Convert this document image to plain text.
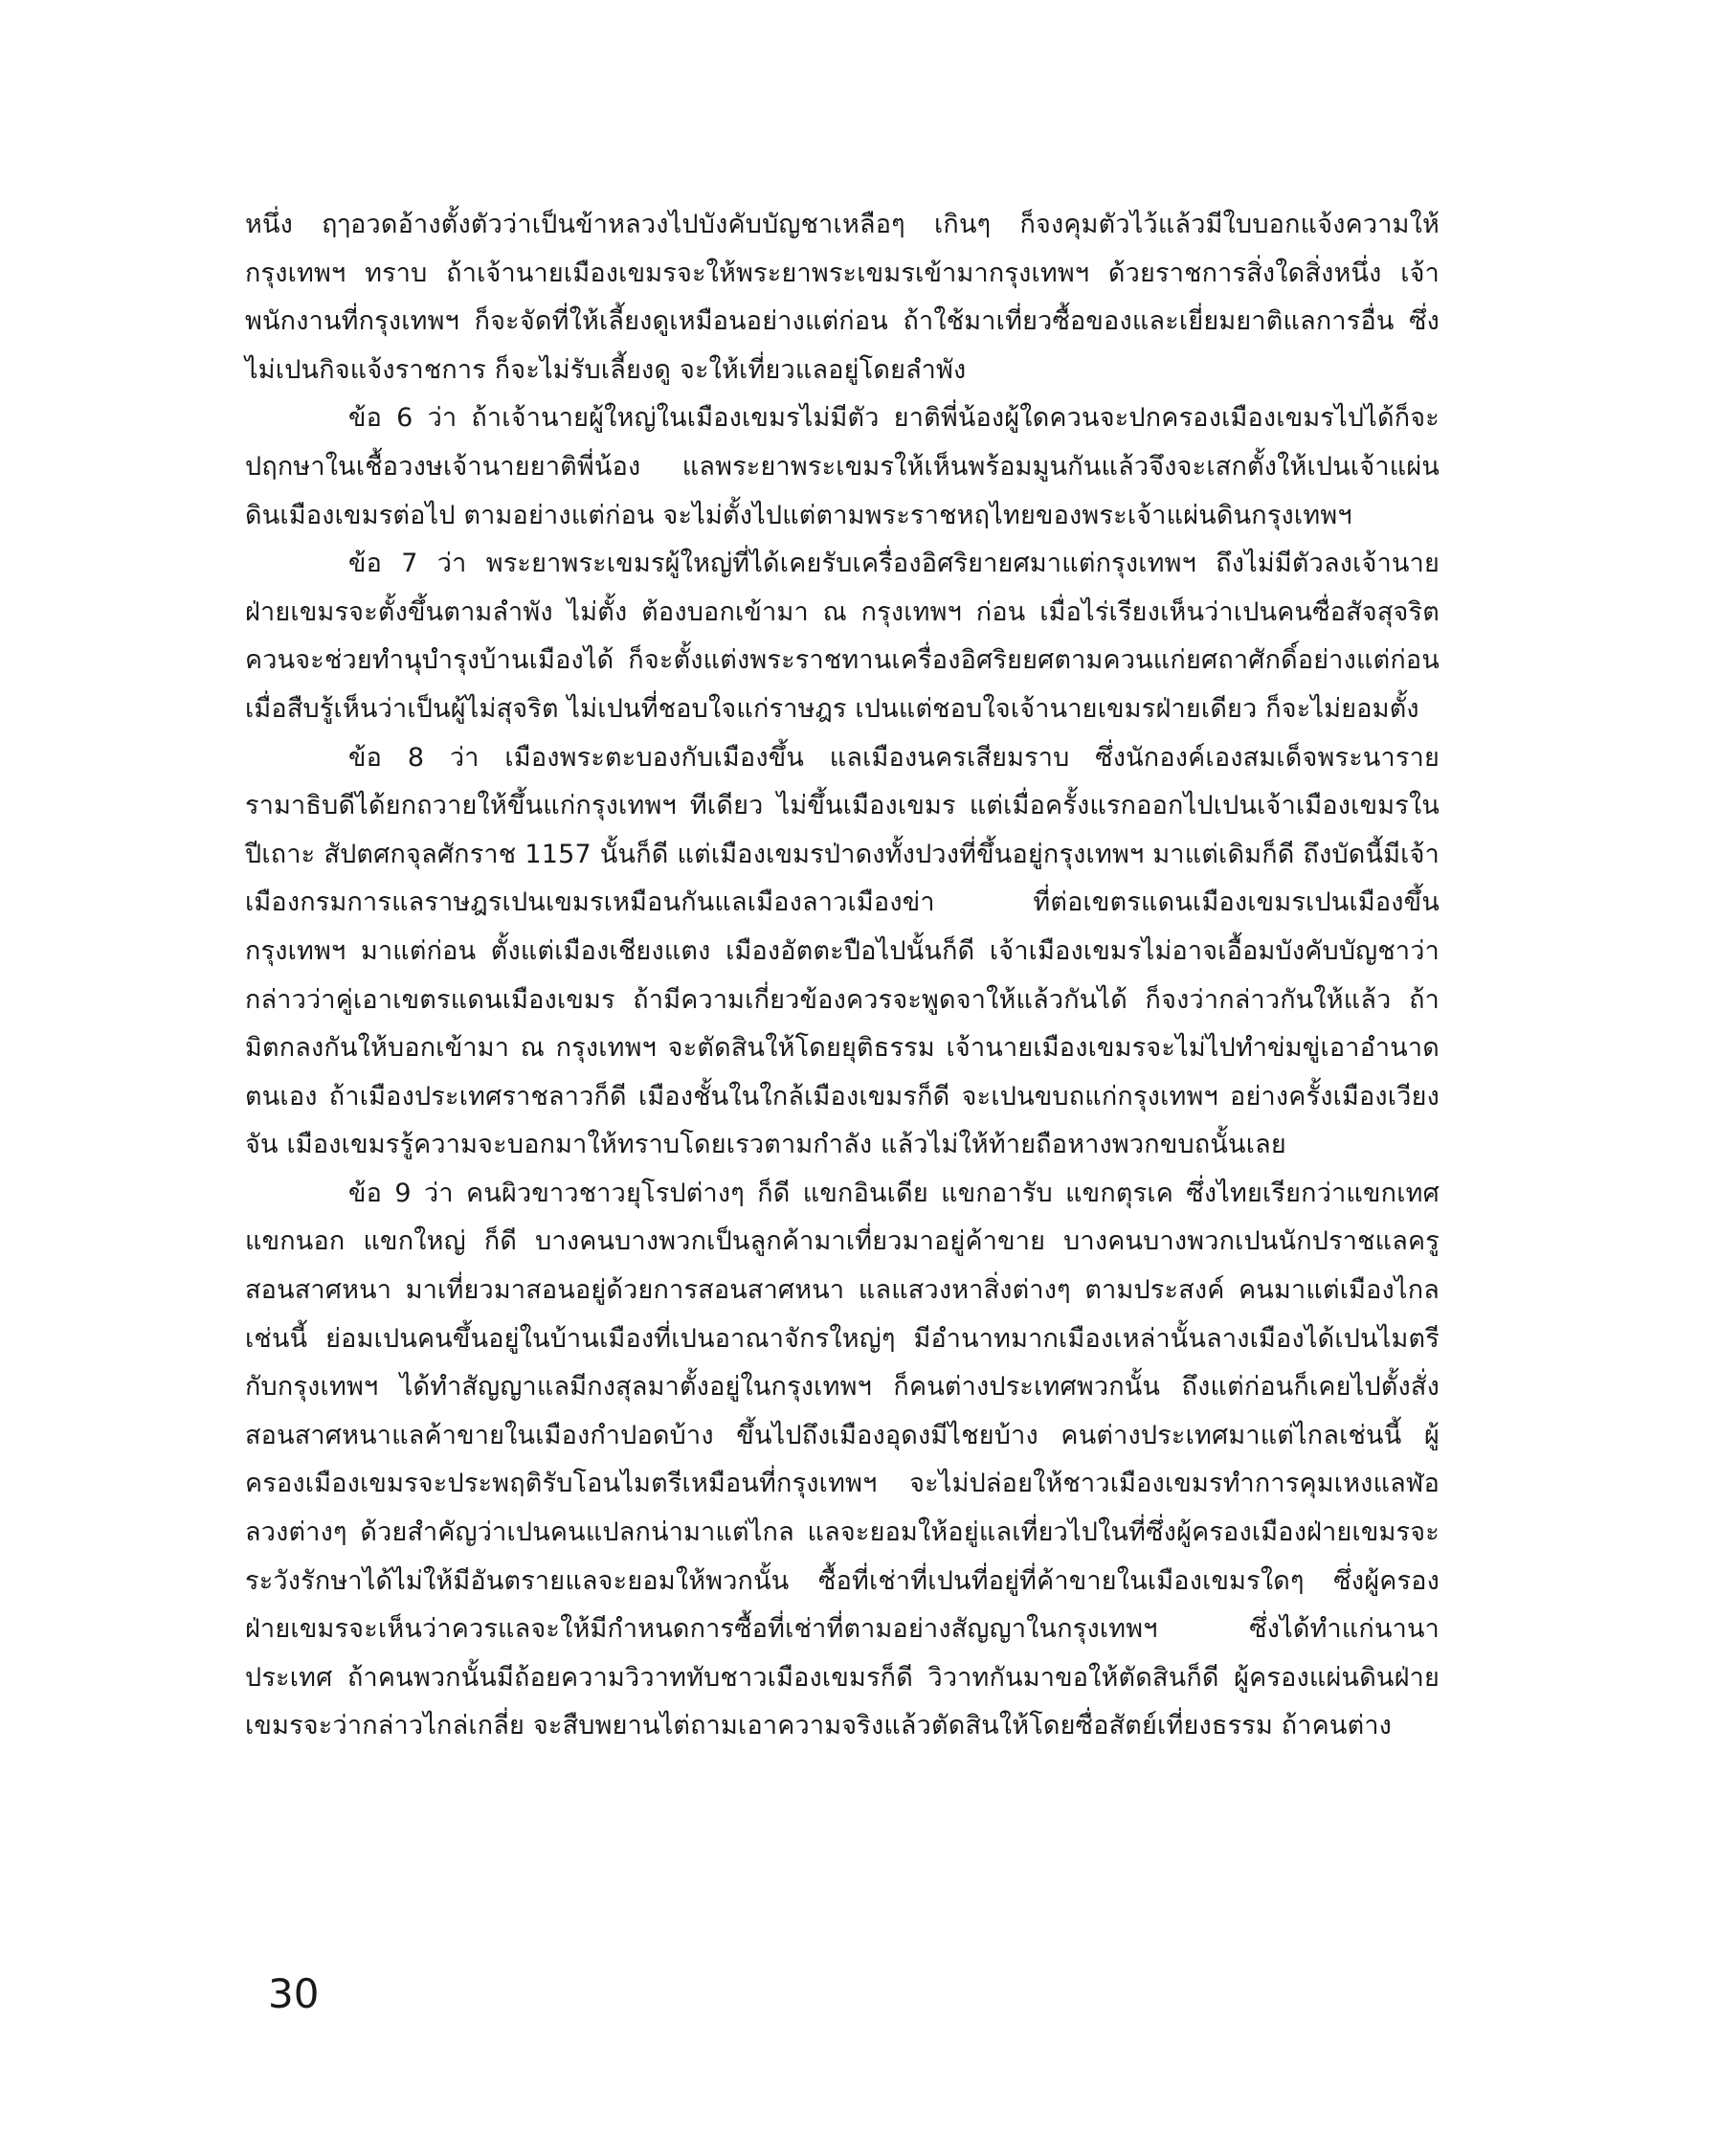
หนึ่ง ฤๅอวดอ้างตั้งตัวว่าเป็นข้าหลวงไปบังคับบัญชาเหลือๆ เกินๆ ก็จงคุมตัวไว้แล้วมีใบบอกแจ้งความให้กรุงเทพฯ ทราบ ถ้าเจ้านายเมืองเขมรจะให้พระยาพระเขมรเข้ามากรุงเทพฯ ด้วยราชการสิ่งใดสิ่งหนึ่ง เจ้าพนักงานที่กรุงเทพฯ ก็จะจัดที่ให้เลี้ยงดูเหมือนอย่างแต่ก่อน ถ้าใช้มาเที่ยวซื้อของและเยี่ยมยาติแลการอื่น ซึ่งไม่เปนกิจแจ้งราชการ ก็จะไม่รับเลี้ยงดู จะให้เที่ยวแลอยู่โดยลำพัง

ข้อ 6 ว่า ถ้าเจ้านายผู้ใหญ่ในเมืองเขมรไม่มีตัว ยาติพี่น้องผู้ใดควนจะปกครองเมืองเขมรไปได้ก็จะปฤกษาในเชื้อวงษเจ้านายยาติพี่น้อง แลพระยาพระเขมรให้เห็นพร้อมมูนกันแล้วจึงจะเสกตั้งให้เปนเจ้าแผ่นดินเมืองเขมรต่อไป ตามอย่างแต่ก่อน จะไม่ตั้งไปแต่ตามพระราชหฤไทยของพระเจ้าแผ่นดินกรุงเทพฯ

ข้อ 7 ว่า พระยาพระเขมรผู้ใหญ่ที่ได้เคยรับเครื่องอิศริยายศมาแต่กรุงเทพฯ ถึงไม่มีตัวลงเจ้านายฝ่ายเขมรจะตั้งขึ้นตามลำพัง ไม่ตั้ง ต้องบอกเข้ามา ณ กรุงเทพฯ ก่อน เมื่อไร่เรียงเห็นว่าเปนคนซื่อสัจสุจริตควนจะช่วยทำนุบำรุงบ้านเมืองได้ ก็จะตั้งแต่งพระราชทานเครื่องอิศริยยศตามควนแก่ยศถาศักดิ์อย่างแต่ก่อน เมื่อสืบรู้เห็นว่าเป็นผู้ไม่สุจริต ไม่เปนที่ชอบใจแก่ราษฎร เปนแต่ชอบใจเจ้านายเขมรฝ่ายเดียว ก็จะไม่ยอมตั้ง

ข้อ 8 ว่า เมืองพระตะบองกับเมืองขึ้น แลเมืองนครเสียมราบ ซึ่งนักองค์เองสมเด็จพระนารายรามาธิบดีได้ยกถวายให้ขึ้นแก่กรุงเทพฯ ทีเดียว ไม่ขึ้นเมืองเขมร แต่เมื่อครั้งแรกออกไปเปนเจ้าเมืองเขมรในปีเถาะ สัปตศกจุลศักราช 1157 นั้นก็ดี แต่เมืองเขมรป่าดงทั้งปวงที่ขึ้นอยู่กรุงเทพฯ มาแต่เดิมก็ดี ถึงบัดนี้มีเจ้าเมืองกรมการแลราษฎรเปนเขมรเหมือนกันแลเมืองลาวเมืองข่า ที่ต่อเขตรแดนเมืองเขมรเปนเมืองขึ้นกรุงเทพฯ มาแต่ก่อน ตั้งแต่เมืองเชียงแตง เมืองอัตตะปือไปนั้นก็ดี เจ้าเมืองเขมรไม่อาจเอื้อมบังคับบัญชาว่ากล่าวว่าคู่เอาเขตรแดนเมืองเขมร ถ้ามีความเกี่ยวข้องควรจะพูดจาให้แล้วกันได้ ก็จงว่ากล่าวกันให้แล้ว ถ้ามิตกลงกันให้บอกเข้ามา ณ กรุงเทพฯ จะตัดสินให้โดยยุติธรรม เจ้านายเมืองเขมรจะไม่ไปทำข่มขู่เอาอำนาดตนเอง ถ้าเมืองประเทศราชลาวก็ดี เมืองชั้นในใกล้เมืองเขมรก็ดี จะเปนขบถแก่กรุงเทพฯ อย่างครั้งเมืองเวียงจัน เมืองเขมรรู้ความจะบอกมาให้ทราบโดยเรวตามกำลัง แล้วไม่ให้ท้ายถือหางพวกขบถนั้นเลย

ข้อ 9 ว่า คนผิวขาวชาวยุโรปต่างๆ ก็ดี แขกอินเดีย แขกอารับ แขกตุรเค ซึ่งไทยเรียกว่าแขกเทศ แขกนอก แขกใหญ่ ก็ดี บางคนบางพวกเป็นลูกค้ามาเที่ยวมาอยู่ค้าขาย บางคนบางพวกเปนนักปราชแลครูสอนสาศหนา มาเที่ยวมาสอนอยู่ด้วยการสอนสาศหนา แลแสวงหาสิ่งต่างๆ ตามประสงค์ คนมาแต่เมืองไกลเช่นนี้ ย่อมเปนคนขึ้นอยู่ในบ้านเมืองที่เปนอาณาจักรใหญ่ๆ มีอำนาทมากเมืองเหล่านั้นลางเมืองได้เปนไมตรีกับกรุงเทพฯ ได้ทำสัญญาแลมีกงสุลมาตั้งอยู่ในกรุงเทพฯ ก็คนต่างประเทศพวกนั้น ถึงแต่ก่อนก็เคยไปตั้งสั่งสอนสาศหนาแลค้าขายในเมืองกำปอดบ้าง ขึ้นไปถึงเมืองอุดงมีไชยบ้าง คนต่างประเทศมาแต่ไกลเช่นนี้ ผู้ครองเมืองเขมรจะประพฤติรับโอนไมตรีเหมือนที่กรุงเทพฯ จะไม่ปล่อยให้ชาวเมืองเขมรทำการคุมเหงแลฬ่อลวงต่างๆ ด้วยสำคัญว่าเปนคนแปลกน่ามาแต่ไกล แลจะยอมให้อยู่แลเที่ยวไปในที่ซึ่งผู้ครองเมืองฝ่ายเขมรจะระวังรักษาได้ไม่ให้มีอันตรายแลจะยอมให้พวกนั้น ซื้อที่เช่าที่เปนที่อยู่ที่ค้าขายในเมืองเขมรใดๆ ซึ่งผู้ครองฝ่ายเขมรจะเห็นว่าควรแลจะให้มีกำหนดการซื้อที่เช่าที่ตามอย่างสัญญาในกรุงเทพฯ ซึ่งได้ทำแก่นานาประเทศ ถ้าคนพวกนั้นมีถ้อยความวิวาททับชาวเมืองเขมรก็ดี วิวาทกันมาขอให้ตัดสินก็ดี ผู้ครองแผ่นดินฝ่ายเขมรจะว่ากล่าวไกล่เกลี่ย จะสืบพยานไต่ถามเอาความจริงแล้วตัดสินให้โดยซื่อสัตย์เที่ยงธรรม ถ้าคนต่าง

30
